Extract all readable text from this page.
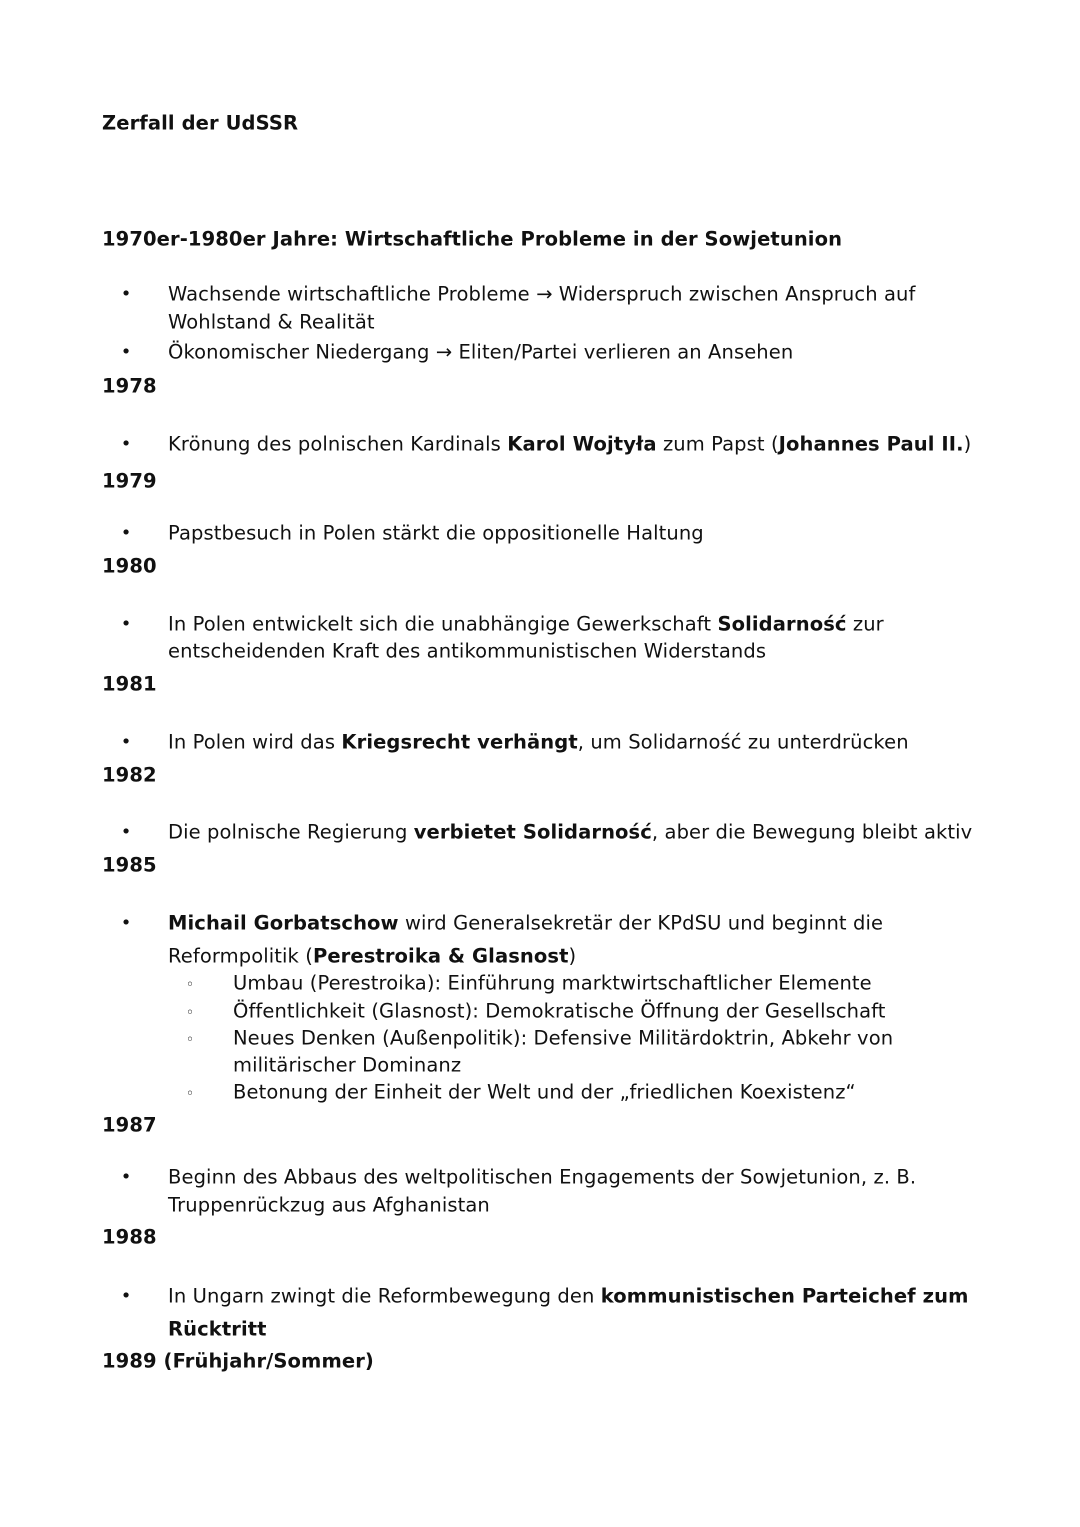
Zerfall der UdSSR
1970er-1980er Jahre: Wirtschaftliche Probleme in der Sowjetunion
• Wachsende wirtschaftliche Probleme → Widerspruch zwischen Anspruch auf
Wohlstand & Realität
• Ökonomischer Niedergang → Eliten/Partei verlieren an Ansehen
1978
• Krönung des polnischen Kardinals Karol Wojtyła zum Papst (Johannes Paul II.)
1979
• Papstbesuch in Polen stärkt die oppositionelle Haltung
1980
• In Polen entwickelt sich die unabhängige Gewerkschaft Solidarność zur
entscheidenden Kraft des antikommunistischen Widerstands
1981
• In Polen wird das Kriegsrecht verhängt, um Solidarność zu unterdrücken
1982
• Die polnische Regierung verbietet Solidarność, aber die Bewegung bleibt aktiv
1985
• Michail Gorbatschow wird Generalsekretär der KPdSU und beginnt die
Reformpolitik (Perestroika & Glasnost)
◦ Umbau (Perestroika): Einführung marktwirtschaftlicher Elemente
◦ Öffentlichkeit (Glasnost): Demokratische Öffnung der Gesellschaft
◦ Neues Denken (Außenpolitik): Defensive Militärdoktrin, Abkehr von
militärischer Dominanz
◦ Betonung der Einheit der Welt und der „friedlichen Koexistenz“
1987
• Beginn des Abbaus des weltpolitischen Engagements der Sowjetunion, z. B.
Truppenrückzug aus Afghanistan
1988
• In Ungarn zwingt die Reformbewegung den kommunistischen Parteichef zum
Rücktritt
1989 (Frühjahr/Sommer)
